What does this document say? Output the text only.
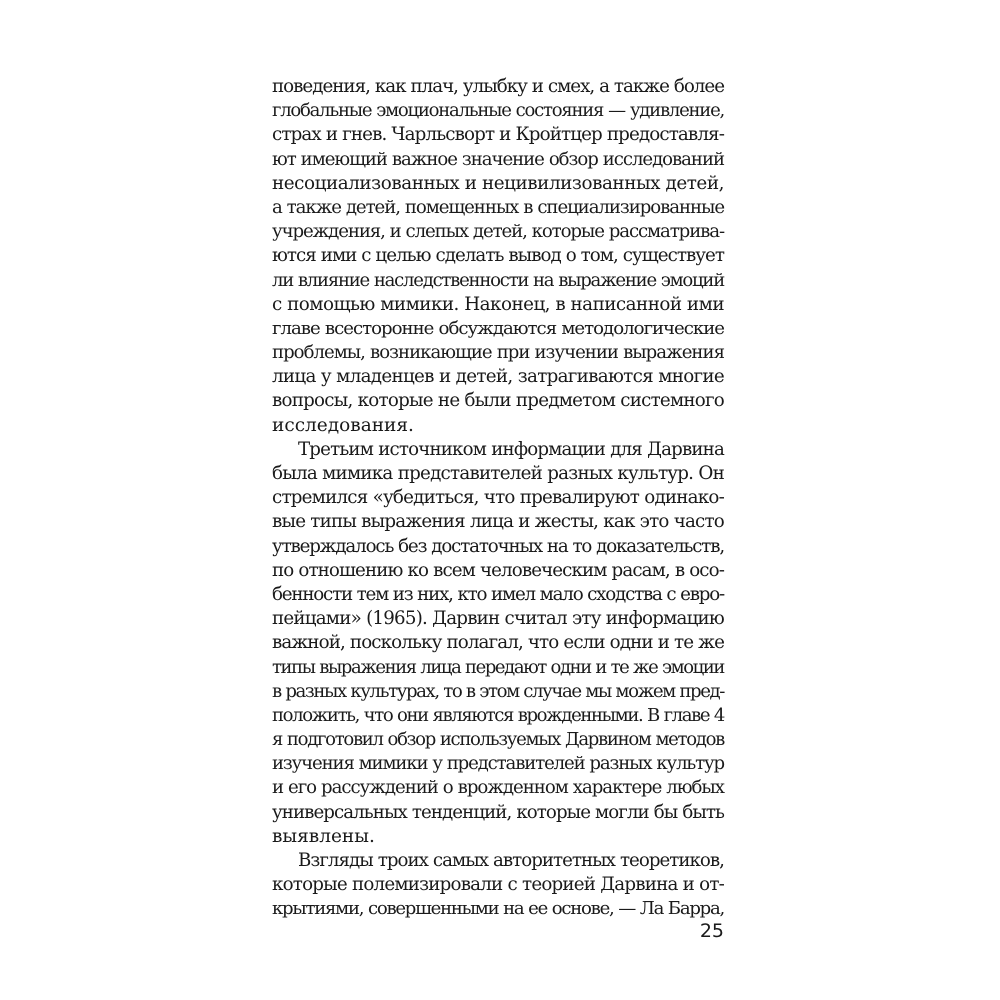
поведения, как плач, улыбку и смех, а также более
глобальные эмоциональные состояния — удивление,
страх и гнев. Чарльсворт и Кройтцер предоставля-
ют имеющий важное значение обзор исследований
несоциализованных и нецивилизованных детей,
а также детей, помещенных в специализированные
учреждения, и слепых детей, которые рассматрива-
ются ими с целью сделать вывод о том, существует
ли влияние наследственности на выражение эмоций
с помощью мимики. Наконец, в написанной ими
главе всесторонне обсуждаются методологические
проблемы, возникающие при изучении выражения
лица у младенцев и детей, затрагиваются многие
вопросы, которые не были предметом системного
исследования.
Третьим источником информации для Дарвина
была мимика представителей разных культур. Он
стремился «убедиться, что превалируют одинако-
вые типы выражения лица и жесты, как это часто
утверждалось без достаточных на то доказательств,
по отношению ко всем человеческим расам, в осо-
бенности тем из них, кто имел мало сходства с евро-
пейцами» (1965). Дарвин считал эту информацию
важной, поскольку полагал, что если одни и те же
типы выражения лица передают одни и те же эмоции
в разных культурах, то в этом случае мы можем пред-
положить, что они являются врожденными. В главе 4
я подготовил обзор используемых Дарвином методов
изучения мимики у представителей разных культур
и его рассуждений о врожденном характере любых
универсальных тенденций, которые могли бы быть
выявлены.
Взгляды троих самых авторитетных теоретиков,
которые полемизировали с теорией Дарвина и от-
крытиями, совершенными на ее основе, — Ла Барра,
25
